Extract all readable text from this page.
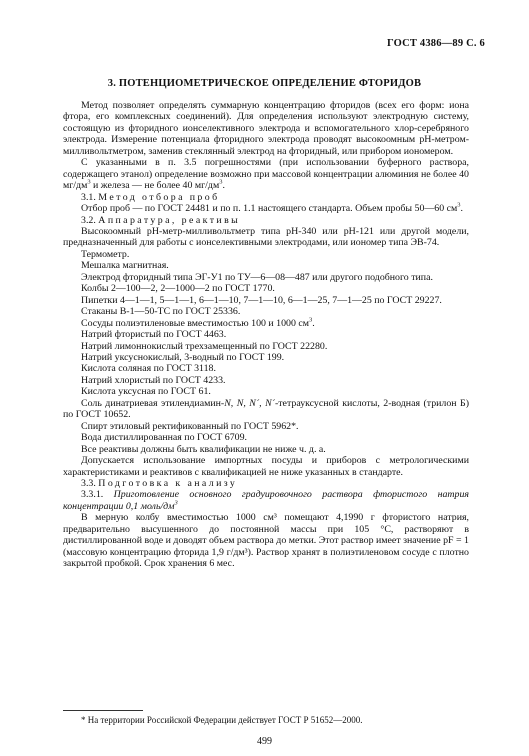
ГОСТ 4386—89 С. 6
3. ПОТЕНЦИОМЕТРИЧЕСКОЕ ОПРЕДЕЛЕНИЕ ФТОРИДОВ

Метод позволяет определять суммарную концентрацию фторидов (всех его форм: иона фтора, его комплексных соединений). Для определения используют электродную систему, состоящую из фторидного ионселективного электрода и вспомогательного хлор-серебряного электрода. Измерение потенциала фторидного электрода проводят высокоомным pH-метром-милливольтметром, заменив стеклянный электрод на фторидный, или прибором иономером.

С указанными в п. 3.5 погрешностями (при использовании буферного раствора, содержащего этанол) определение возможно при массовой концентрации алюминия не более 40 $мг/дм^3$ и железа — не более 40 $мг/дм^3$.

3.1. Метод отбора проб

Отбор проб — по ГОСТ 24481 и по п. 1.1 настоящего стандарта. Объем пробы 50—60 $см^3$.

3.2. Аппаратура, реактивы

Высокоомный pH-метр-милливольтметр типа pH-340 или pH-121 или другой модели, предназначенный для работы с ионселективными электродами, или иономер типа ЭВ-74.

Термометр.

Мешалка магнитная.

Электрод фторидный типа ЭГ-У1 по ТУ—6—08—487 или другого подобного типа.

Колбы 2—100—2, 2—1000—2 по ГОСТ 1770.

Пипетки 4—1—1, 5—1—1, 6—1—10, 7—1—10, 6—1—25, 7—1—25 по ГОСТ 29227.

Стаканы В-1—50-ТС по ГОСТ 25336.

Сосуды полиэтиленовые вместимостью 100 и 1000 $см^3$.

Натрий фтористый по ГОСТ 4463.

Натрий лимоннокислый трехзамещенный по ГОСТ 22280.

Натрий уксуснокислый, 3-водный по ГОСТ 199.

Кислота соляная по ГОСТ 3118.

Натрий хлористый по ГОСТ 4233.

Кислота уксусная по ГОСТ 61.

Соль динатриевая этилендиамин-N, N, N´, N´-тетрауксусной кислоты, 2-водная (трилон Б) по ГОСТ 10652.

Спирт этиловый ректификованный по ГОСТ 5962*.

Вода дистиллированная по ГОСТ 6709.

Все реактивы должны быть квалификации не ниже ч. д. а.

Допускается использование импортных посуды и приборов с метрологическими характеристиками и реактивов с квалификацией не ниже указанных в стандарте.

3.3. Подготовка к анализу

3.3.1. Приготовление основного градуировочного раствора фтористого натрия концентрации 0,1 моль/$дм^3$

В мерную колбу вместимостью 1000 см³ помещают 4,1990 г фтористого натрия, предварительно высушенного до постоянной массы при 105 °С, растворяют в дистиллированной воде и доводят объем раствора до метки. Этот раствор имеет значение pF = 1 (массовую концентрацию фторида 1,9 г/дм³). Раствор хранят в полиэтиленовом сосуде с плотно закрытой пробкой. Срок хранения 6 мес.

* На территории Российской Федерации действует ГОСТ Р 51652—2000.
499
